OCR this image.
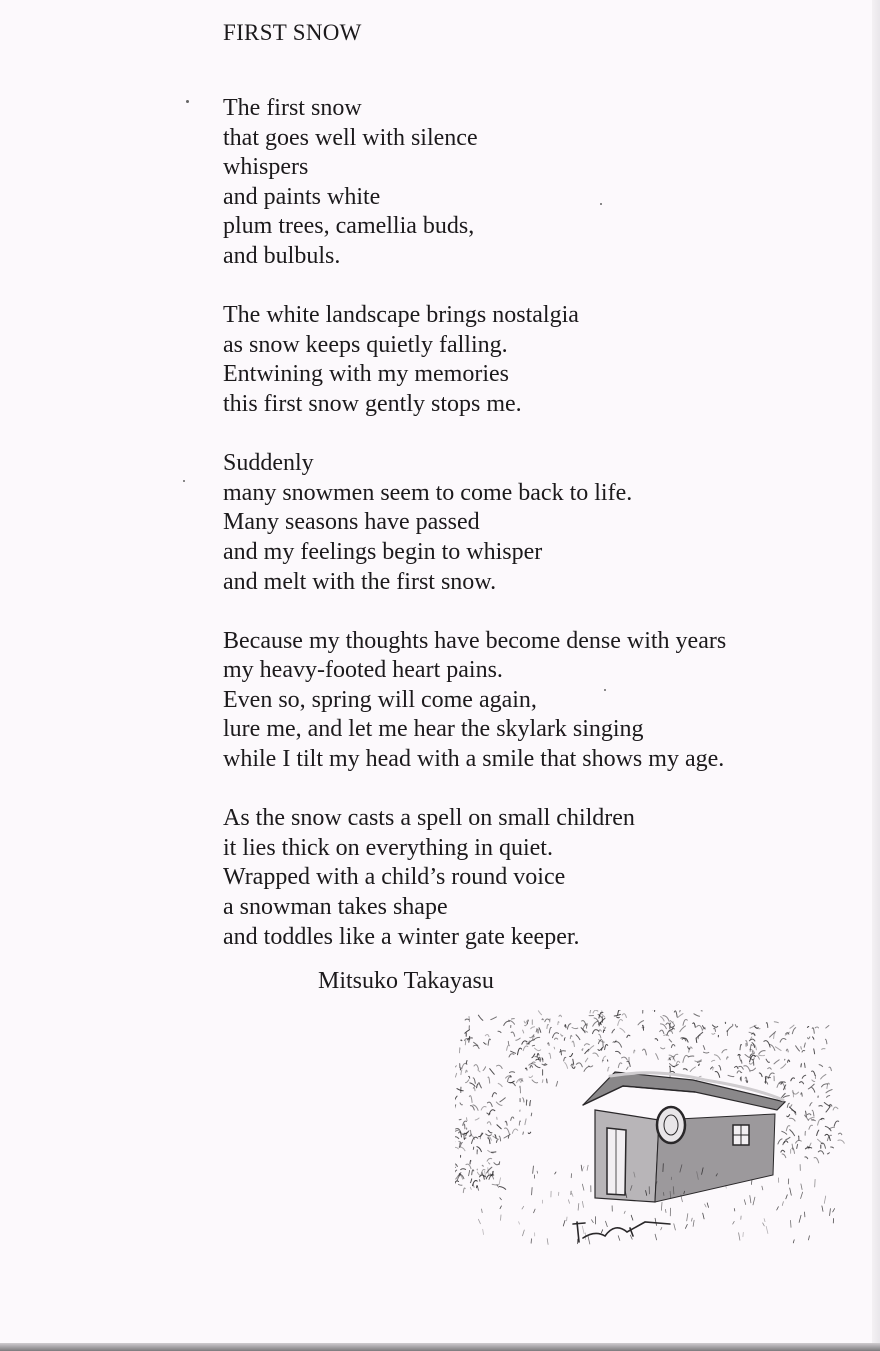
FIRST SNOW
The first snow
that goes well with silence
whispers
and paints white
plum trees, camellia buds,
and bulbuls.
The white landscape brings nostalgia
as snow keeps quietly falling.
Entwining with my memories
this first snow gently stops me.
Suddenly
many snowmen seem to come back to life.
Many seasons have passed
and my feelings begin to whisper
and melt with the first snow.
Because my thoughts have become dense with years
my heavy-footed heart pains.
Even so, spring will come again,
lure me, and let me hear the skylark singing
while I tilt my head with a smile that shows my age.
As the snow casts a spell on small children
it lies thick on everything in quiet.
Wrapped with a child’s round voice
a snowman takes shape
and toddles like a winter gate keeper.
Mitsuko Takayasu
